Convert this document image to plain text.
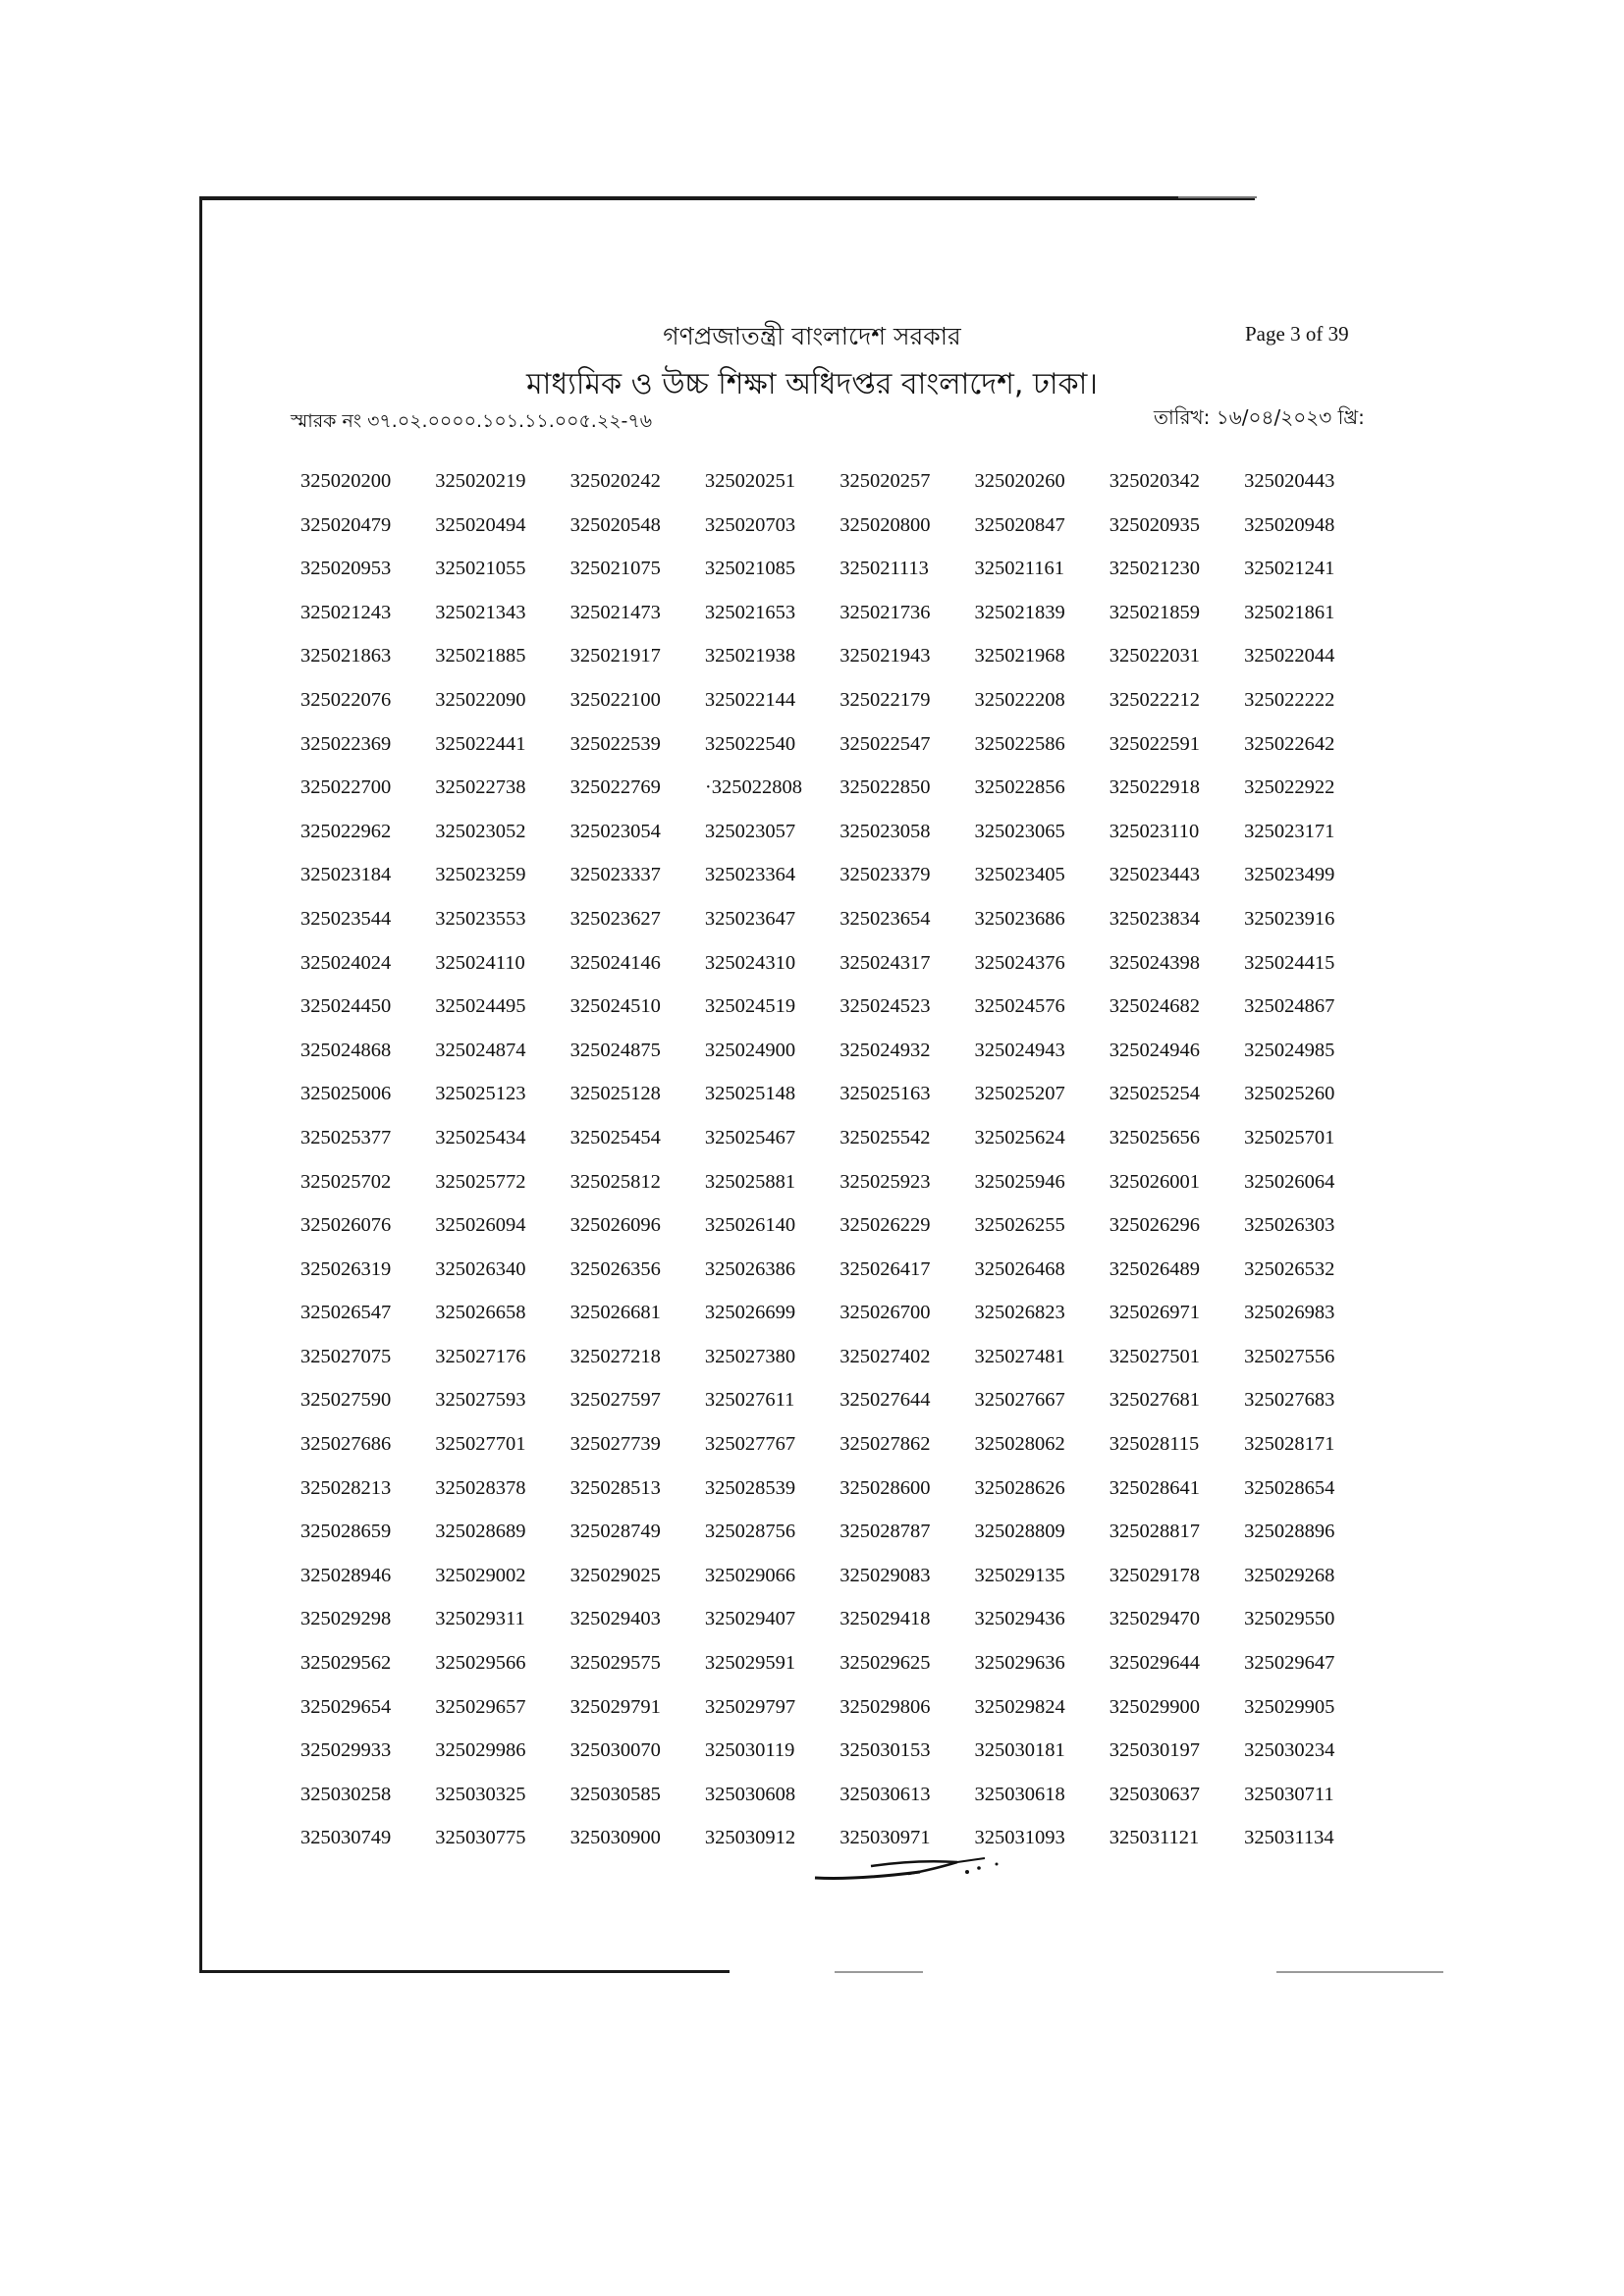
গণপ্রজাতন্ত্রী বাংলাদেশ সরকার
মাধ্যমিক ও উচ্চ শিক্ষা অধিদপ্তর বাংলাদেশ, ঢাকা।
Page 3 of 39
স্মারক নং ৩৭.০২.০০০০.১০১.১১.০০৫.২২-৭৬	তারিখ: ১৬/০৪/২০২৩ খ্রি:
325020200	325020219	325020242	325020251	325020257	325020260	325020342	325020443
325020479	325020494	325020548	325020703	325020800	325020847	325020935	325020948
325020953	325021055	325021075	325021085	325021113	325021161	325021230	325021241
325021243	325021343	325021473	325021653	325021736	325021839	325021859	325021861
325021863	325021885	325021917	325021938	325021943	325021968	325022031	325022044
325022076	325022090	325022100	325022144	325022179	325022208	325022212	325022222
325022369	325022441	325022539	325022540	325022547	325022586	325022591	325022642
325022700	325022738	325022769	·325022808	325022850	325022856	325022918	325022922
325022962	325023052	325023054	325023057	325023058	325023065	325023110	325023171
325023184	325023259	325023337	325023364	325023379	325023405	325023443	325023499
325023544	325023553	325023627	325023647	325023654	325023686	325023834	325023916
325024024	325024110	325024146	325024310	325024317	325024376	325024398	325024415
325024450	325024495	325024510	325024519	325024523	325024576	325024682	325024867
325024868	325024874	325024875	325024900	325024932	325024943	325024946	325024985
325025006	325025123	325025128	325025148	325025163	325025207	325025254	325025260
325025377	325025434	325025454	325025467	325025542	325025624	325025656	325025701
325025702	325025772	325025812	325025881	325025923	325025946	325026001	325026064
325026076	325026094	325026096	325026140	325026229	325026255	325026296	325026303
325026319	325026340	325026356	325026386	325026417	325026468	325026489	325026532
325026547	325026658	325026681	325026699	325026700	325026823	325026971	325026983
325027075	325027176	325027218	325027380	325027402	325027481	325027501	325027556
325027590	325027593	325027597	325027611	325027644	325027667	325027681	325027683
325027686	325027701	325027739	325027767	325027862	325028062	325028115	325028171
325028213	325028378	325028513	325028539	325028600	325028626	325028641	325028654
325028659	325028689	325028749	325028756	325028787	325028809	325028817	325028896
325028946	325029002	325029025	325029066	325029083	325029135	325029178	325029268
325029298	325029311	325029403	325029407	325029418	325029436	325029470	325029550
325029562	325029566	325029575	325029591	325029625	325029636	325029644	325029647
325029654	325029657	325029791	325029797	325029806	325029824	325029900	325029905
325029933	325029986	325030070	325030119	325030153	325030181	325030197	325030234
325030258	325030325	325030585	325030608	325030613	325030618	325030637	325030711
325030749	325030775	325030900	325030912	325030971	325031093	325031121	325031134
